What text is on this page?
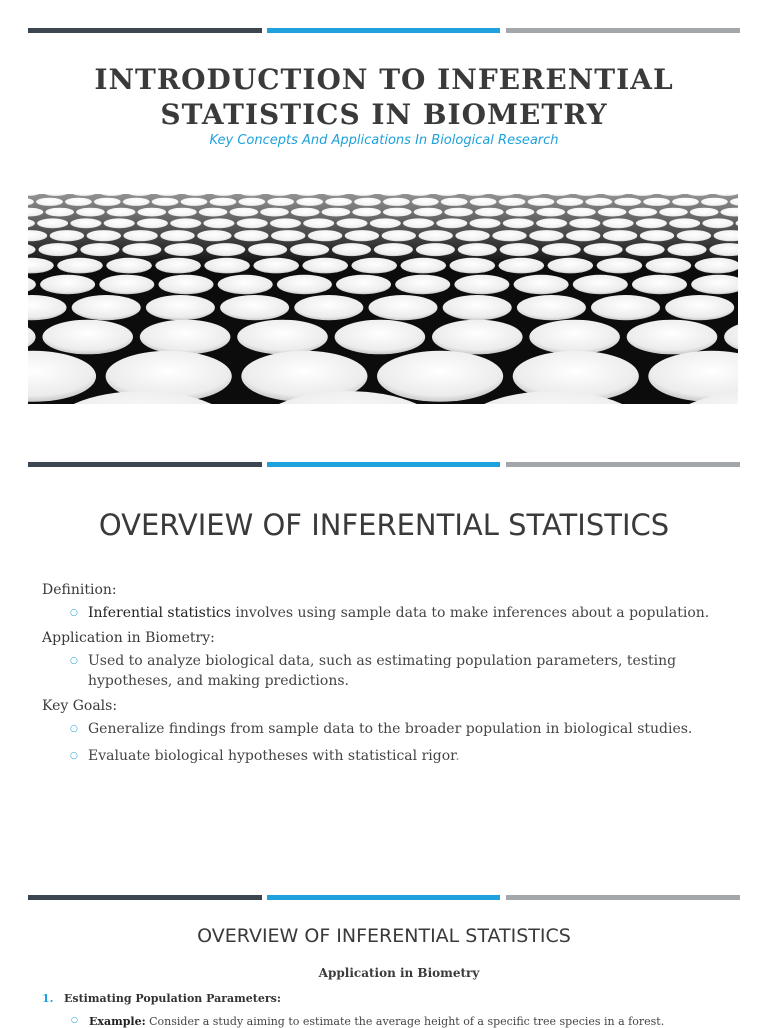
INTRODUCTION TO INFERENTIAL STATISTICS IN BIOMETRY

Key Concepts And Applications In Biological Research

OVERVIEW OF INFERENTIAL STATISTICS

Definition:

○ Inferential statistics involves using sample data to make inferences about a population.

Application in Biometry:

○ Used to analyze biological data, such as estimating population parameters, testing hypotheses, and making predictions.

Key Goals:

○ Generalize findings from sample data to the broader population in biological studies.
○ Evaluate biological hypotheses with statistical rigor.
OVERVIEW OF INFERENTIAL STATISTICS
Application in Biometry
1. Estimating Population Parameters:
○ Example: Consider a study aiming to estimate the average height of a specific tree species in a forest.
